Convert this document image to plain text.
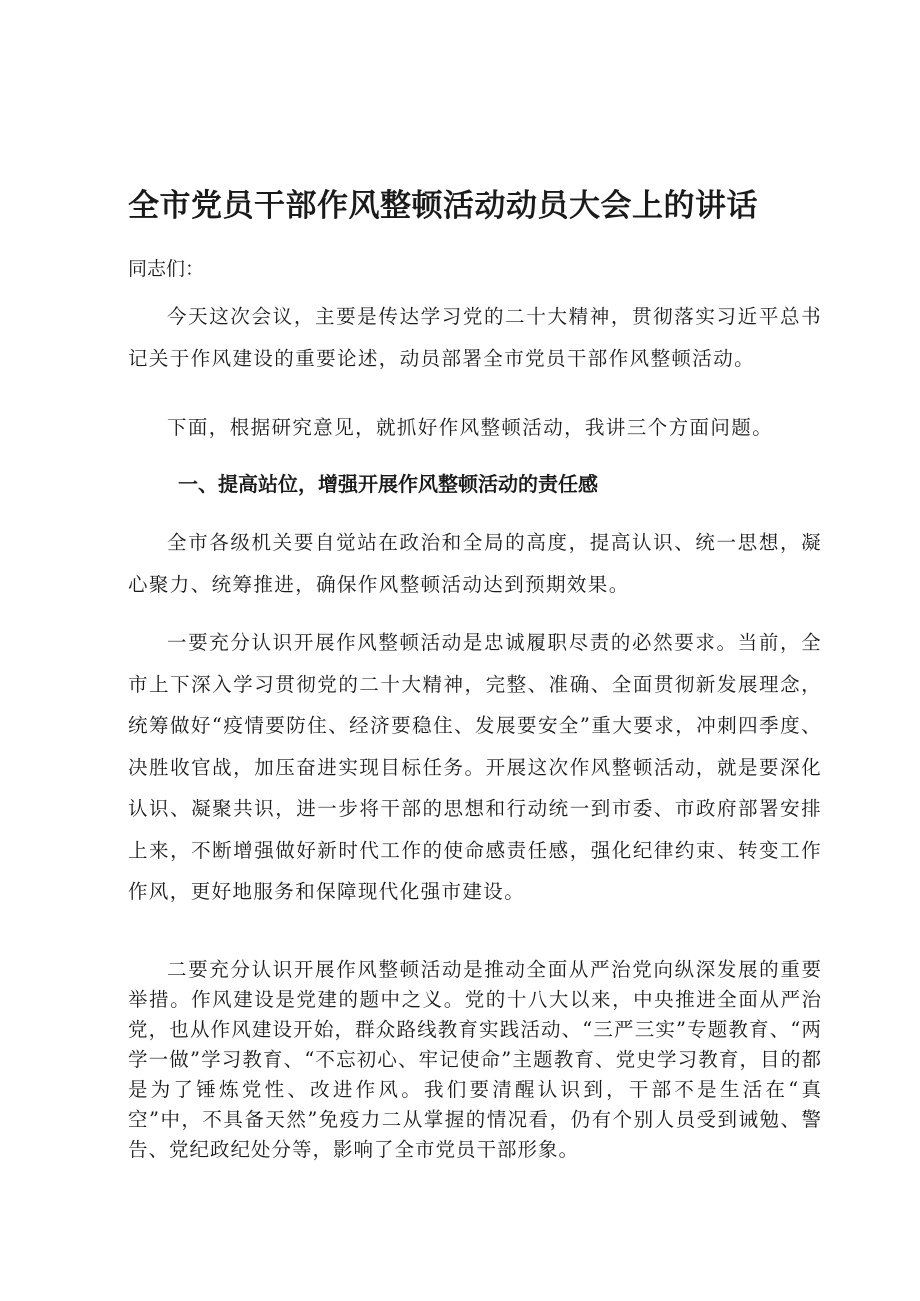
全市党员干部作风整顿活动动员大会上的讲话
同志们：

今天这次会议，主要是传达学习党的二十大精神，贯彻落实习近平总书记关于作风建设的重要论述，动员部署全市党员干部作风整顿活动。

下面，根据研究意见，就抓好作风整顿活动，我讲三个方面问题。

一、提高站位，增强开展作风整顿活动的责任感

全市各级机关要自觉站在政治和全局的高度，提高认识、统一思想，凝心聚力、统筹推进，确保作风整顿活动达到预期效果。

一要充分认识开展作风整顿活动是忠诚履职尽责的必然要求。当前，全市上下深入学习贯彻党的二十大精神，完整、准确、全面贯彻新发展理念，统筹做好“疫情要防住、经济要稳住、发展要安全”重大要求，冲刺四季度、决胜收官战，加压奋进实现目标任务。开展这次作风整顿活动，就是要深化认识、凝聚共识，进一步将干部的思想和行动统一到市委、市政府部署安排上来，不断增强做好新时代工作的使命感责任感，强化纪律约束、转变工作作风，更好地服务和保障现代化强市建设。

二要充分认识开展作风整顿活动是推动全面从严治党向纵深发展的重要举措。作风建设是党建的题中之义。党的十八大以来，中央推进全面从严治党，也从作风建设开始，群众路线教育实践活动、“三严三实”专题教育、“两学一做”学习教育、“不忘初心、牢记使命”主题教育、党史学习教育，目的都是为了锤炼党性、改进作风。我们要清醒认识到，干部不是生活在“真空”中，不具备天然”免疫力二从掌握的情况看，仍有个别人员受到诫勉、警告、党纪政纪处分等，影响了全市党员干部形象。
